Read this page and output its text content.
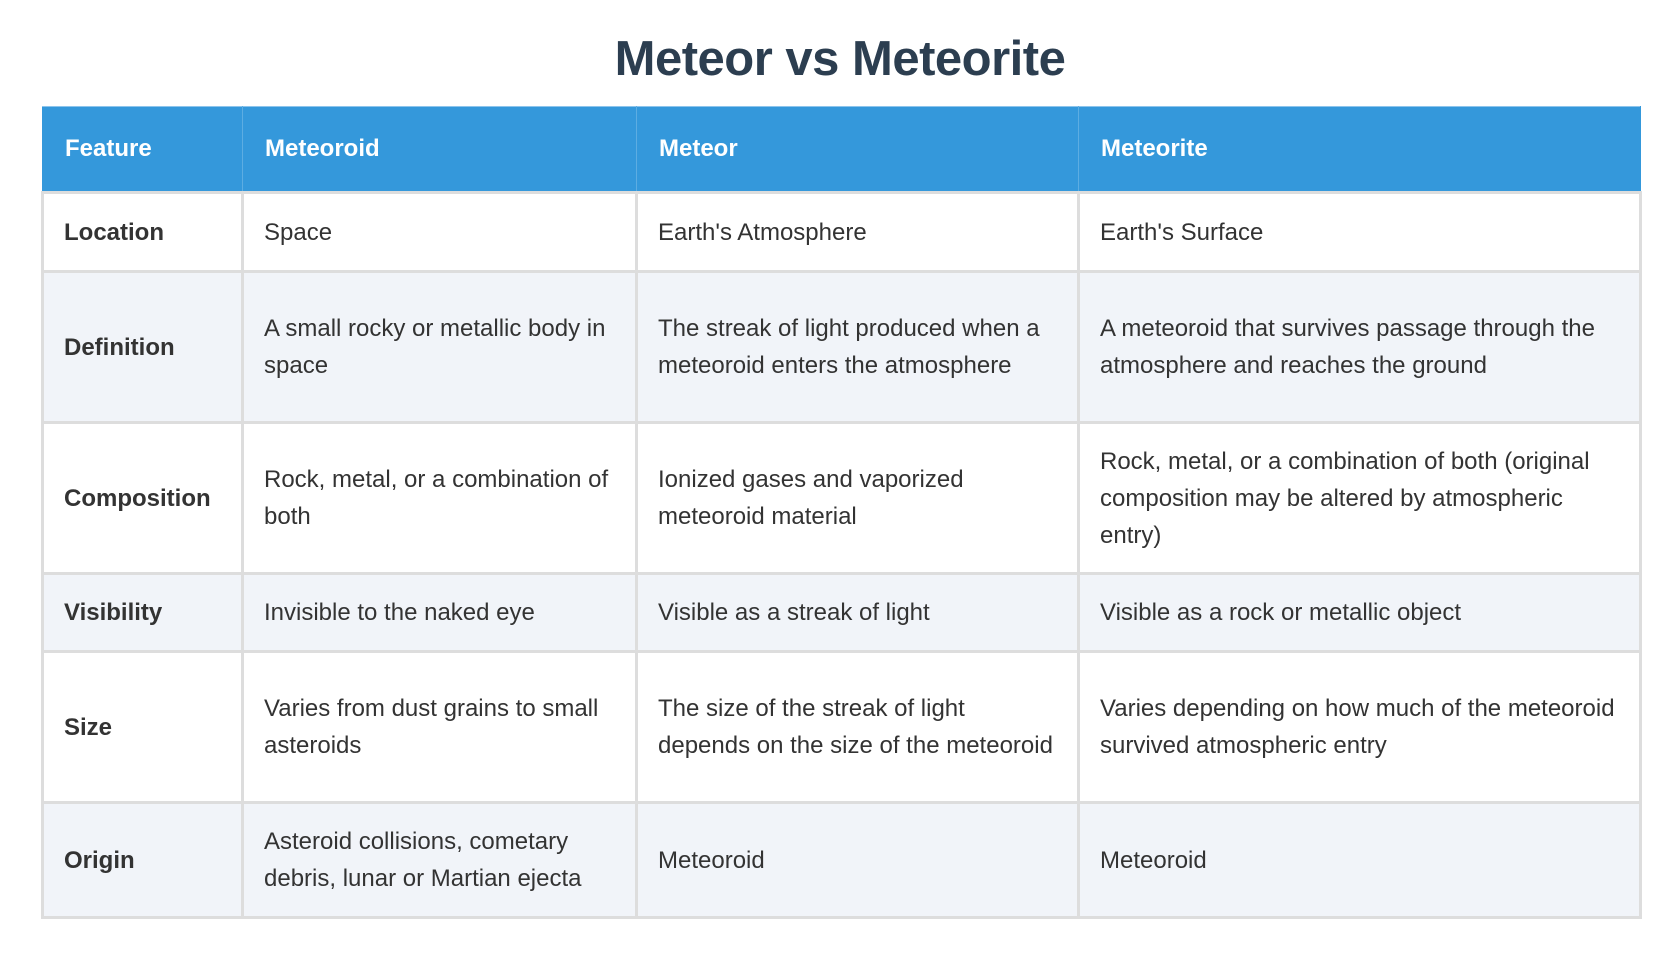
Meteor vs Meteorite
Feature	Meteoroid	Meteor	Meteorite
Location	Space	Earth's Atmosphere	Earth's Surface
Definition	A small rocky or metallic body in space	The streak of light produced when a meteoroid enters the atmosphere	A meteoroid that survives passage through the atmosphere and reaches the ground
Composition	Rock, metal, or a combination of both	Ionized gases and vaporized meteoroid material	Rock, metal, or a combination of both (original composition may be altered by atmospheric entry)
Visibility	Invisible to the naked eye	Visible as a streak of light	Visible as a rock or metallic object
Size	Varies from dust grains to small asteroids	The size of the streak of light depends on the size of the meteoroid	Varies depending on how much of the meteoroid survived atmospheric entry
Origin	Asteroid collisions, cometary debris, lunar or Martian ejecta	Meteoroid	Meteoroid
